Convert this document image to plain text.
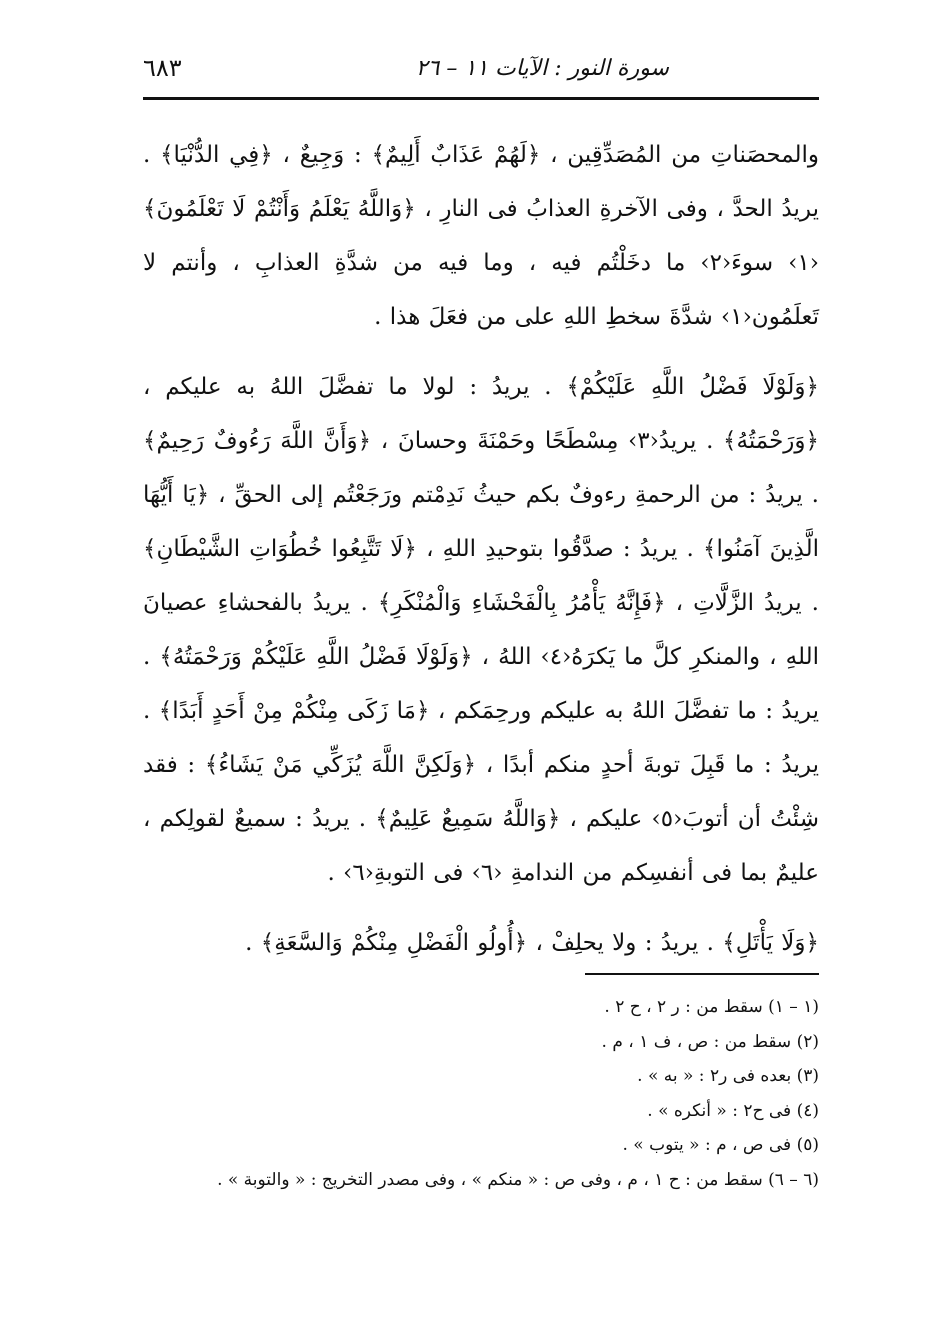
سورة النور : الآيات ١١ – ٢٦
٦٨٣

والمحصَناتِ من المُصَدِّقِين ، ﴿لَهُمْ عَذَابٌ أَلِيمٌ﴾ : وَجِيعٌ ، ﴿فِي الدُّنْيَا﴾ . يريدُ الحدَّ ، وفى الآخرةِ العذابُ فى النارِ ، ﴿وَاللَّهُ يَعْلَمُ وَأَنْتُمْ لَا تَعْلَمُونَ﴾ ‹١› سوءَ‹٢› ما دخَلْتُم فيه ، وما فيه من شدَّةِ العذابِ ، وأنتم لا تَعلَمُون‹١› شدَّةَ سخطِ اللهِ على من فعَلَ هذا .

﴿وَلَوْلَا فَضْلُ اللَّهِ عَلَيْكُمْ﴾ . يريدُ : لولا ما تفضَّلَ اللهُ به عليكم ، ﴿وَرَحْمَتُهُ﴾ . يريدُ‹٣› مِسْطَحًا وحَمْنَةَ وحسانَ ، ﴿وَأَنَّ اللَّهَ رَءُوفٌ رَحِيمٌ﴾ . يريدُ : من الرحمةِ رءوفٌ بكم حيثُ نَدِمْتم ورَجَعْتُم إلى الحقِّ ، ﴿يَا أَيُّهَا الَّذِينَ آمَنُوا﴾ . يريدُ : صدَّقُوا بتوحيدِ اللهِ ، ﴿لَا تَتَّبِعُوا خُطُوَاتِ الشَّيْطَانِ﴾ . يريدُ الزَّلَّاتِ ، ﴿فَإِنَّهُ يَأْمُرُ بِالْفَحْشَاءِ وَالْمُنْكَرِ﴾ . يريدُ بالفحشاءِ عصيانَ اللهِ ، والمنكرِ كلَّ ما يَكرَهُ‹٤› اللهُ ، ﴿وَلَوْلَا فَضْلُ اللَّهِ عَلَيْكُمْ وَرَحْمَتُهُ﴾ . يريدُ : ما تفضَّلَ اللهُ به عليكم ورحِمَكم ، ﴿مَا زَكَى مِنْكُمْ مِنْ أَحَدٍ أَبَدًا﴾ . يريدُ : ما قَبِلَ توبةَ أحدٍ منكم أبدًا ، ﴿وَلَكِنَّ اللَّهَ يُزَكِّي مَنْ يَشَاءُ﴾ : فقد شِئْتُ أن أتوبَ‹٥› عليكم ، ﴿وَاللَّهُ سَمِيعٌ عَلِيمٌ﴾ . يريدُ : سميعٌ لقولِكم ، عليمٌ بما فى أنفسِكم من الندامةِ ‹٦› فى التوبةِ‹٦› .

﴿وَلَا يَأْتَلِ﴾ . يريدُ : ولا يحلِفْ ، ﴿أُولُو الْفَضْلِ مِنْكُمْ وَالسَّعَةِ﴾ .

(١ – ١) سقط من : ر ٢ ، ح ٢ .

(٢) سقط من : ص ، ف ١ ، م .

(٣) بعده فى ر٢ : « به » .

(٤) فى ح٢ : « أنكره » .

(٥) فى ص ، م : « يتوب » .

(٦ – ٦) سقط من : ح ١ ، م ، وفى ص : « منكم » ، وفى مصدر التخريج : « والتوبة » .
